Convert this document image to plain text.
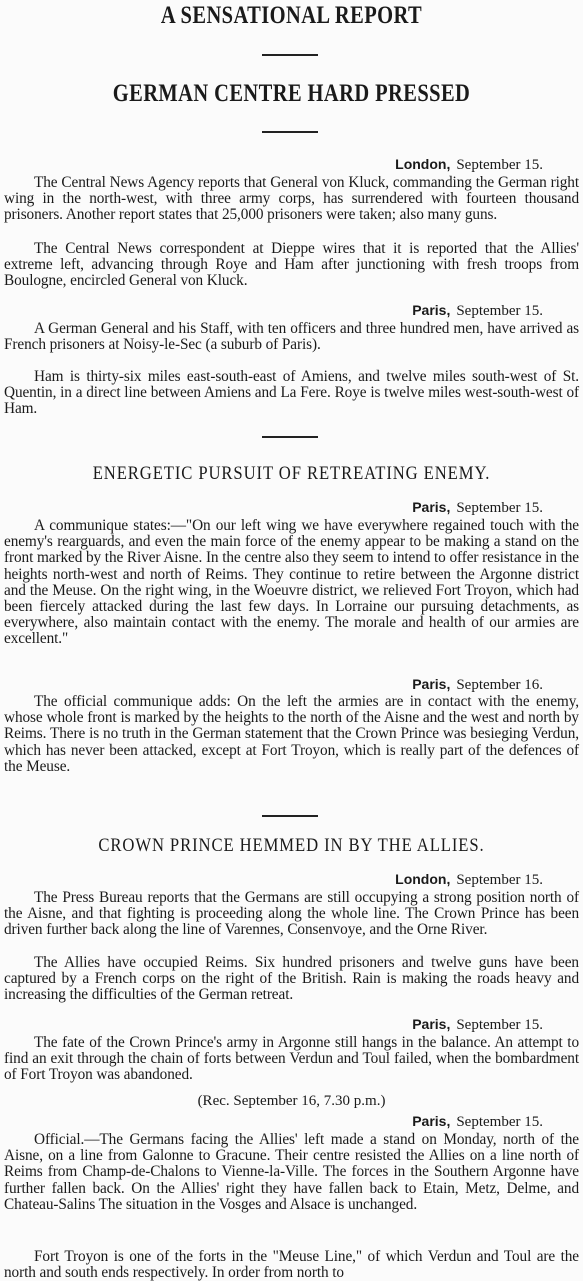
A SENSATIONAL REPORT
GERMAN CENTRE HARD PRESSED
London, September 15.

The Central News Agency reports that General von Kluck, commanding the German right wing in the north-west, with three army corps, has surrendered with fourteen thousand prisoners. Another report states that 25,000 prisoners were taken; also many guns.

The Central News correspondent at Dieppe wires that it is reported that the Allies' extreme left, advancing through Roye and Ham after junctioning with fresh troops from Boulogne, encircled General von Kluck.

Paris, September 15.

A German General and his Staff, with ten officers and three hundred men, have arrived as French prisoners at Noisy-le-Sec (a suburb of Paris).

Ham is thirty-six miles east-south-east of Amiens, and twelve miles south-west of St. Quentin, in a direct line between Amiens and La Fere. Roye is twelve miles west-south-west of Ham.

ENERGETIC PURSUIT OF RETREATING ENEMY.
Paris, September 15.

A communique states:—"On our left wing we have everywhere regained touch with the enemy's rearguards, and even the main force of the enemy appear to be making a stand on the front marked by the River Aisne. In the centre also they seem to intend to offer resistance in the heights north-west and north of Reims. They continue to retire between the Argonne district and the Meuse. On the right wing, in the Woeuvre district, we relieved Fort Troyon, which had been fiercely attacked during the last few days. In Lorraine our pursuing detachments, as everywhere, also maintain contact with the enemy. The morale and health of our armies are excellent."

Paris, September 16.

The official communique adds: On the left the armies are in contact with the enemy, whose whole front is marked by the heights to the north of the Aisne and the west and north by Reims. There is no truth in the German statement that the Crown Prince was besieging Verdun, which has never been attacked, except at Fort Troyon, which is really part of the defences of the Meuse.

CROWN PRINCE HEMMED IN BY THE ALLIES.
London, September 15.

The Press Bureau reports that the Germans are still occupying a strong position north of the Aisne, and that fighting is proceeding along the whole line. The Crown Prince has been driven further back along the line of Varennes, Consenvoye, and the Orne River.

The Allies have occupied Reims. Six hundred prisoners and twelve guns have been captured by a French corps on the right of the British. Rain is making the roads heavy and increasing the difficulties of the German retreat.

Paris, September 15.

The fate of the Crown Prince's army in Argonne still hangs in the balance. An attempt to find an exit through the chain of forts between Verdun and Toul failed, when the bombardment of Fort Troyon was abandoned.

(Rec. September 16, 7.30 p.m.)
Paris, September 15.

Official.—The Germans facing the Allies' left made a stand on Monday, north of the Aisne, on a line from Galonne to Gracune. Their centre resisted the Allies on a line north of Reims from Champ-de-Chalons to Vienne-la-Ville. The forces in the Southern Argonne have further fallen back. On the Allies' right they have fallen back to Etain, Metz, Delme, and Chateau-Salins The situation in the Vosges and Alsace is unchanged.

Fort Troyon is one of the forts in the "Meuse Line," of which Verdun and Toul are the north and south ends respectively. In order from north to
